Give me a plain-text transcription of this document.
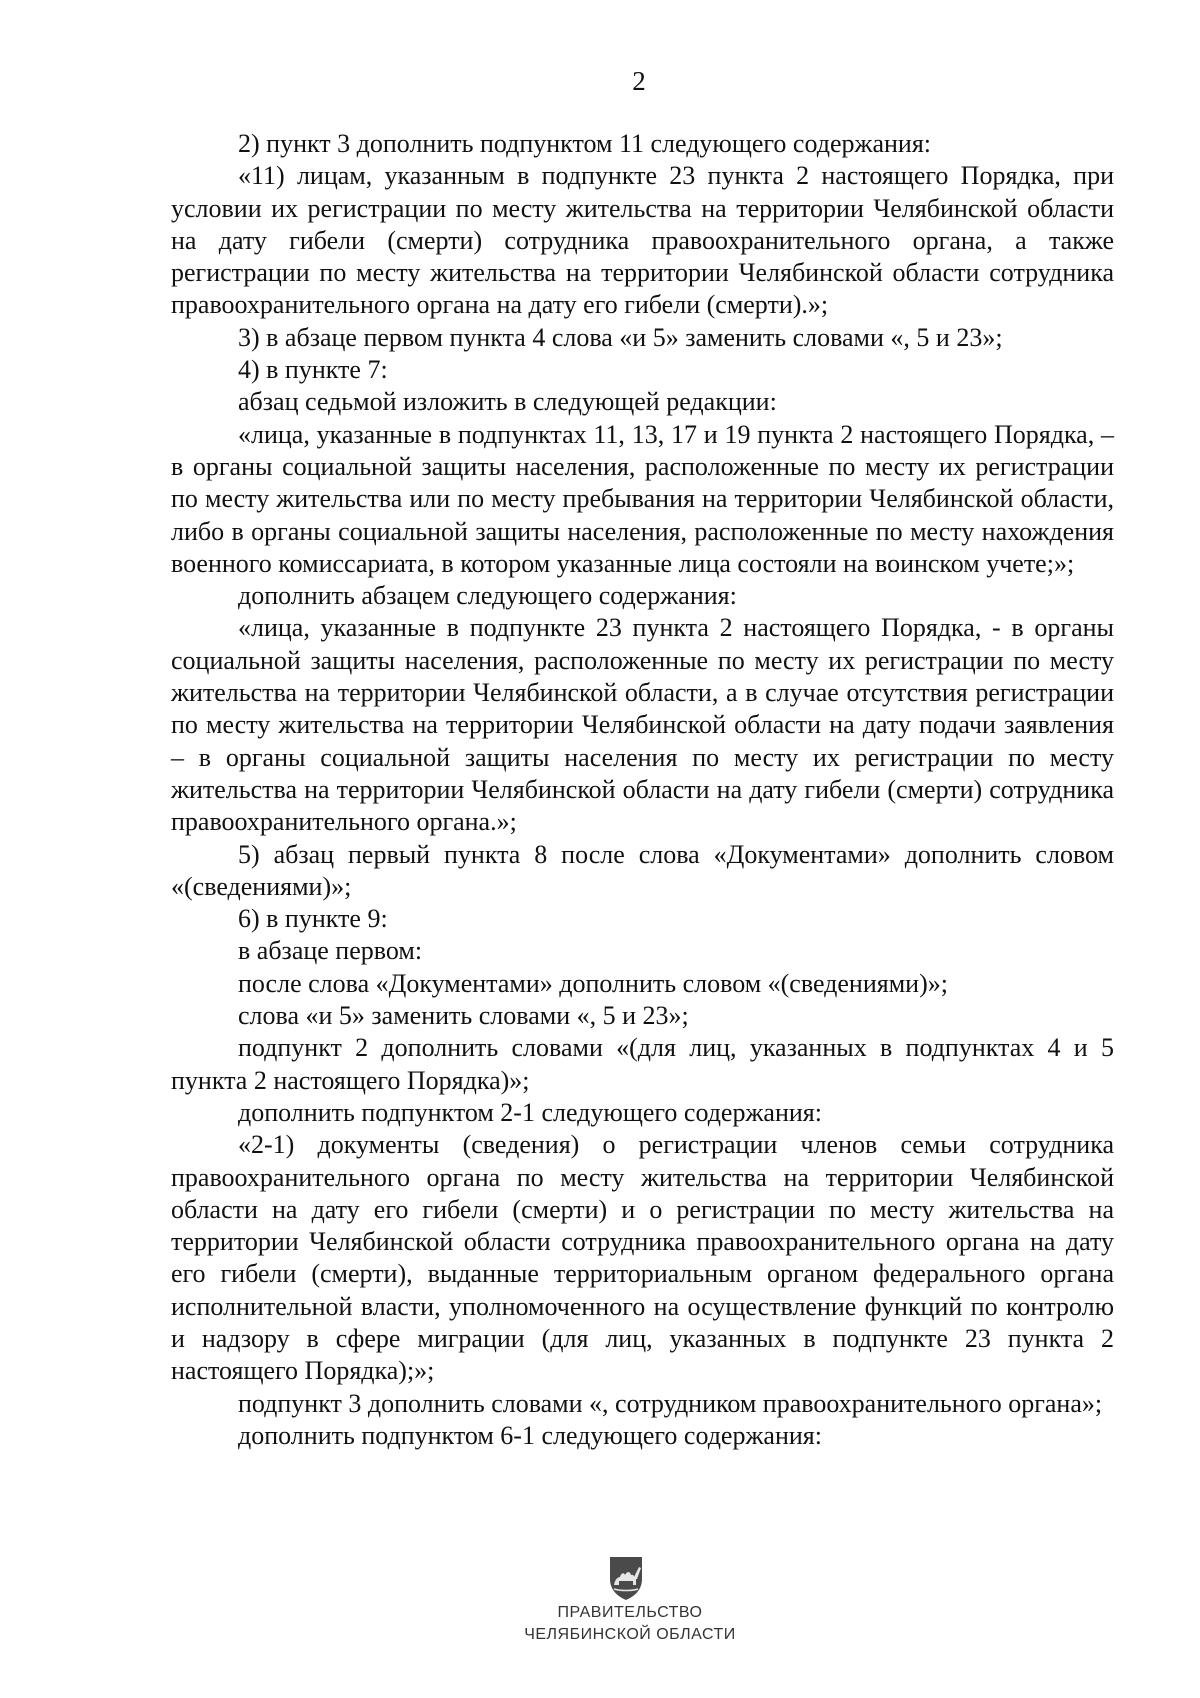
2

2) пункт 3 дополнить подпунктом 11 следующего содержания:

«11) лицам, указанным в подпункте 23 пункта 2 настоящего Порядка, при условии их регистрации по месту жительства на территории Челябинской области на дату гибели (смерти) сотрудника правоохранительного органа, а также регистрации по месту жительства на территории Челябинской области сотрудника правоохранительного органа на дату его гибели (смерти).»;

3) в абзаце первом пункта 4 слова «и 5» заменить словами «, 5 и 23»;

4) в пункте 7:

абзац седьмой изложить в следующей редакции:

«лица, указанные в подпунктах 11, 13, 17 и 19 пункта 2 настоящего Порядка, – в органы социальной защиты населения, расположенные по месту их регистрации по месту жительства или по месту пребывания на территории Челябинской области, либо в органы социальной защиты населения, расположенные по месту нахождения военного комиссариата, в котором указанные лица состояли на воинском учете;»;

дополнить абзацем следующего содержания:

«лица, указанные в подпункте 23 пункта 2 настоящего Порядка, - в органы социальной защиты населения, расположенные по месту их регистрации по месту жительства на территории Челябинской области, а в случае отсутствия регистрации по месту жительства на территории Челябинской области на дату подачи заявления – в органы социальной защиты населения по месту их регистрации по месту жительства на территории Челябинской области на дату гибели (смерти) сотрудника правоохранительного органа.»;

5) абзац первый пункта 8 после слова «Документами» дополнить словом «(сведениями)»;

6) в пункте 9:

в абзаце первом:

после слова «Документами» дополнить словом «(сведениями)»;

слова «и 5» заменить словами «, 5 и 23»;

подпункт 2 дополнить словами «(для лиц, указанных в подпунктах 4 и 5 пункта 2 настоящего Порядка)»;

дополнить подпунктом 2-1 следующего содержания:

«2-1) документы (сведения) о регистрации членов семьи сотрудника правоохранительного органа по месту жительства на территории Челябинской области на дату его гибели (смерти) и о регистрации по месту жительства на территории Челябинской области сотрудника правоохранительного органа на дату его гибели (смерти), выданные территориальным органом федерального органа исполнительной власти, уполномоченного на осуществление функций по контролю и надзору в сфере миграции (для лиц, указанных в подпункте 23 пункта 2 настоящего Порядка);»;

подпункт 3 дополнить словами «, сотрудником правоохранительного органа»;

дополнить подпунктом 6-1 следующего содержания:

ПРАВИТЕЛЬСТВО
ЧЕЛЯБИНСКОЙ ОБЛАСТИ
